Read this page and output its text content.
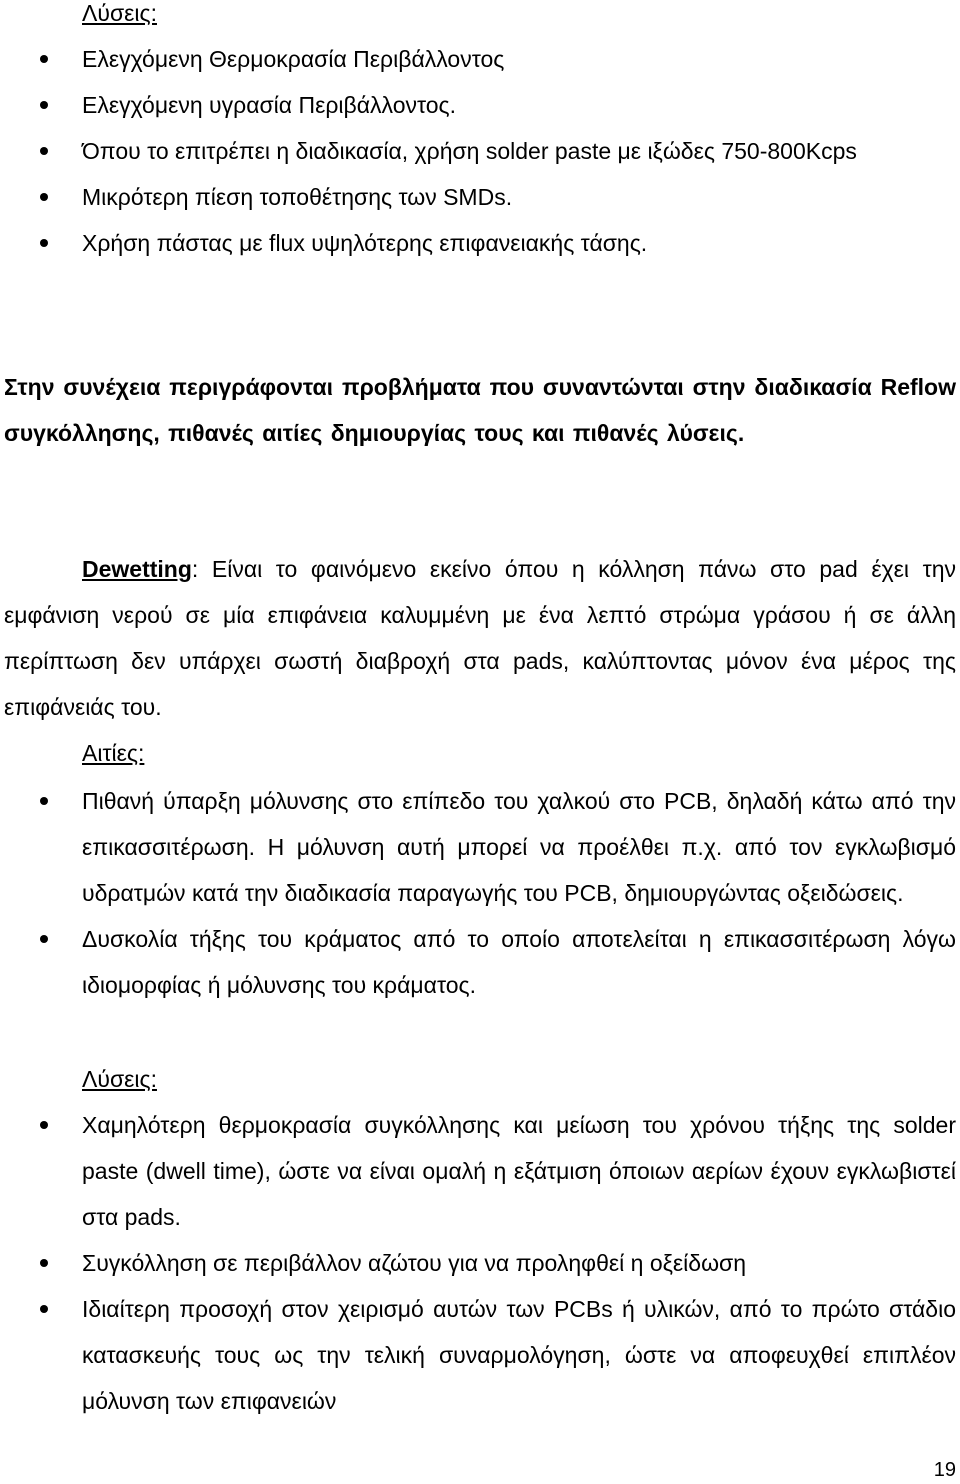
Λύσεις:
Ελεγχόμενη Θερμοκρασία Περιβάλλοντος
Ελεγχόμενη υγρασία Περιβάλλοντος.
Όπου το επιτρέπει η διαδικασία, χρήση solder paste με ιξώδες 750-800Kcps
Μικρότερη πίεση τοποθέτησης των SMDs.
Χρήση πάστας με flux υψηλότερης επιφανειακής τάσης.
Στην συνέχεια περιγράφονται προβλήματα που συναντώνται στην διαδικασία Reflow συγκόλλησης, πιθανές αιτίες δημιουργίας τους και πιθανές λύσεις.
Dewetting: Είναι το φαινόμενο εκείνο όπου η κόλληση πάνω στο pad έχει την εμφάνιση νερού σε μία επιφάνεια καλυμμένη με ένα λεπτό στρώμα γράσου ή σε άλλη περίπτωση δεν υπάρχει σωστή διαβροχή στα pads, καλύπτοντας μόνον ένα μέρος της επιφάνειάς του.
Αιτίες:
Πιθανή ύπαρξη μόλυνσης στο επίπεδο του χαλκού στο PCB, δηλαδή κάτω από την επικασσιτέρωση. Η μόλυνση αυτή μπορεί να προέλθει π.χ. από τον εγκλωβισμό υδρατμών κατά την διαδικασία παραγωγής του PCB, δημιουργώντας οξειδώσεις.
Δυσκολία τήξης του κράματος από το οποίο αποτελείται η επικασσιτέρωση λόγω ιδιομορφίας ή μόλυνσης του κράματος.
Λύσεις:
Χαμηλότερη θερμοκρασία συγκόλλησης και μείωση του χρόνου τήξης της solder paste (dwell time), ώστε να είναι ομαλή η εξάτμιση όποιων αερίων έχουν εγκλωβιστεί στα pads.
Συγκόλληση σε περιβάλλον αζώτου για να προληφθεί η οξείδωση
Ιδιαίτερη προσοχή στον χειρισμό αυτών των PCBs ή υλικών, από το πρώτο στάδιο κατασκευής τους ως την τελική συναρμολόγηση, ώστε να αποφευχθεί επιπλέον μόλυνση των επιφανειών
19
